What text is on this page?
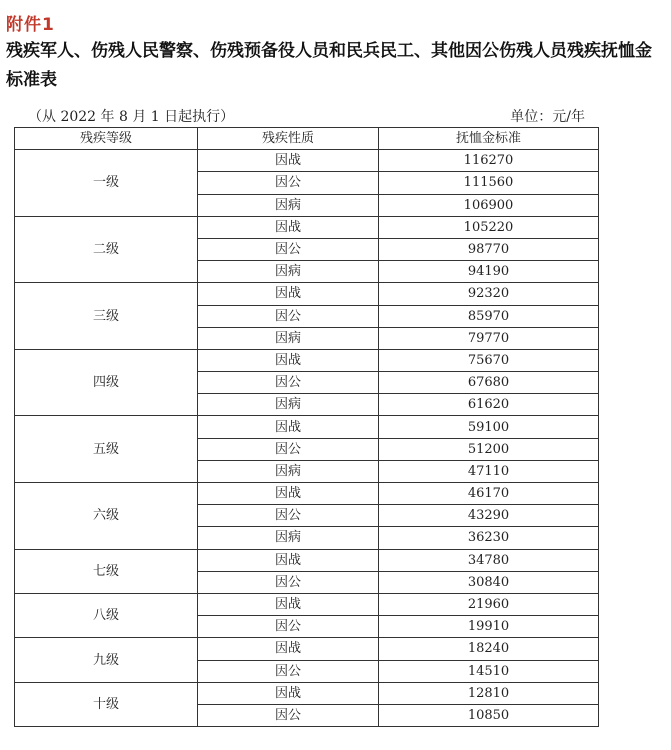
附件1
残疾军人、伤残人民警察、伤残预备役人员和民兵民工、其他因公伤残人员残疾抚恤金标准表
（从 2022 年 8 月 1 日起执行）	单位：元/年
残疾等级	残疾性质	抚恤金标准
一级	因战	116270
	因公	111560
	因病	106900
二级	因战	105220
	因公	98770
	因病	94190
三级	因战	92320
	因公	85970
	因病	79770
四级	因战	75670
	因公	67680
	因病	61620
五级	因战	59100
	因公	51200
	因病	47110
六级	因战	46170
	因公	43290
	因病	36230
七级	因战	34780
	因公	30840
八级	因战	21960
	因公	19910
九级	因战	18240
	因公	14510
十级	因战	12810
	因公	10850
